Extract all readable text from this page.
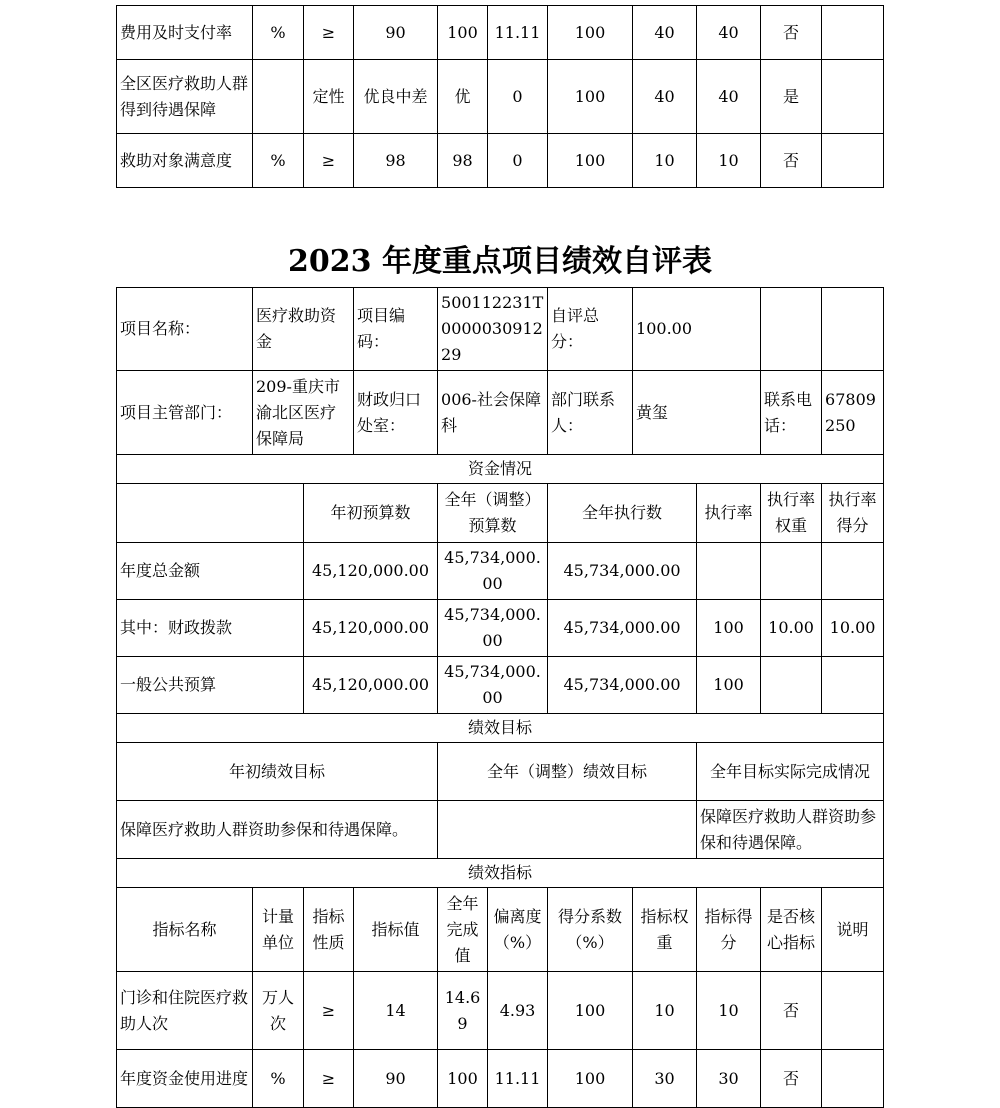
费用及时支付率	%	≥	90	100	11.11	100	40	40	否	
全区医疗救助人群得到待遇保障		定性	优良中差	优	0	100	40	40	是	
救助对象满意度	%	≥	98	98	0	100	10	10	否	
2023 年度重点项目绩效自评表
项目名称：	医疗救助资金		项目编码：	500112231T000003091229		自评总分：	100.00			
项目主管部门：	209-重庆市渝北区医疗保障局		财政归口处室：	006-社会保障科		部门联系人：	黄玺		联系电话：	67809250
资金情况										
		年初预算数		全年（调整）预算数		全年执行数		执行率	执行率权重	执行率得分
年度总金额		45,120,000.00		45,734,000.00		45,734,000.00				
其中：财政拨款		45,120,000.00		45,734,000.00		45,734,000.00		100	10.00	10.00
一般公共预算		45,120,000.00		45,734,000.00		45,734,000.00		100		
绩效目标										
年初绩效目标				全年（调整）绩效目标				全年目标实际完成情况		
保障医疗救助人群资助参保和待遇保障。								保障医疗救助人群资助参保和待遇保障。		
绩效指标										
指标名称	计量单位	指标性质	指标值	全年完成值	偏离度（%）	得分系数（%）	指标权重	指标得分	是否核心指标	说明
门诊和住院医疗救助人次	万人次	≥	14	14.69	4.93	100	10	10	否	
年度资金使用进度	%	≥	90	100	11.11	100	30	30	否	
